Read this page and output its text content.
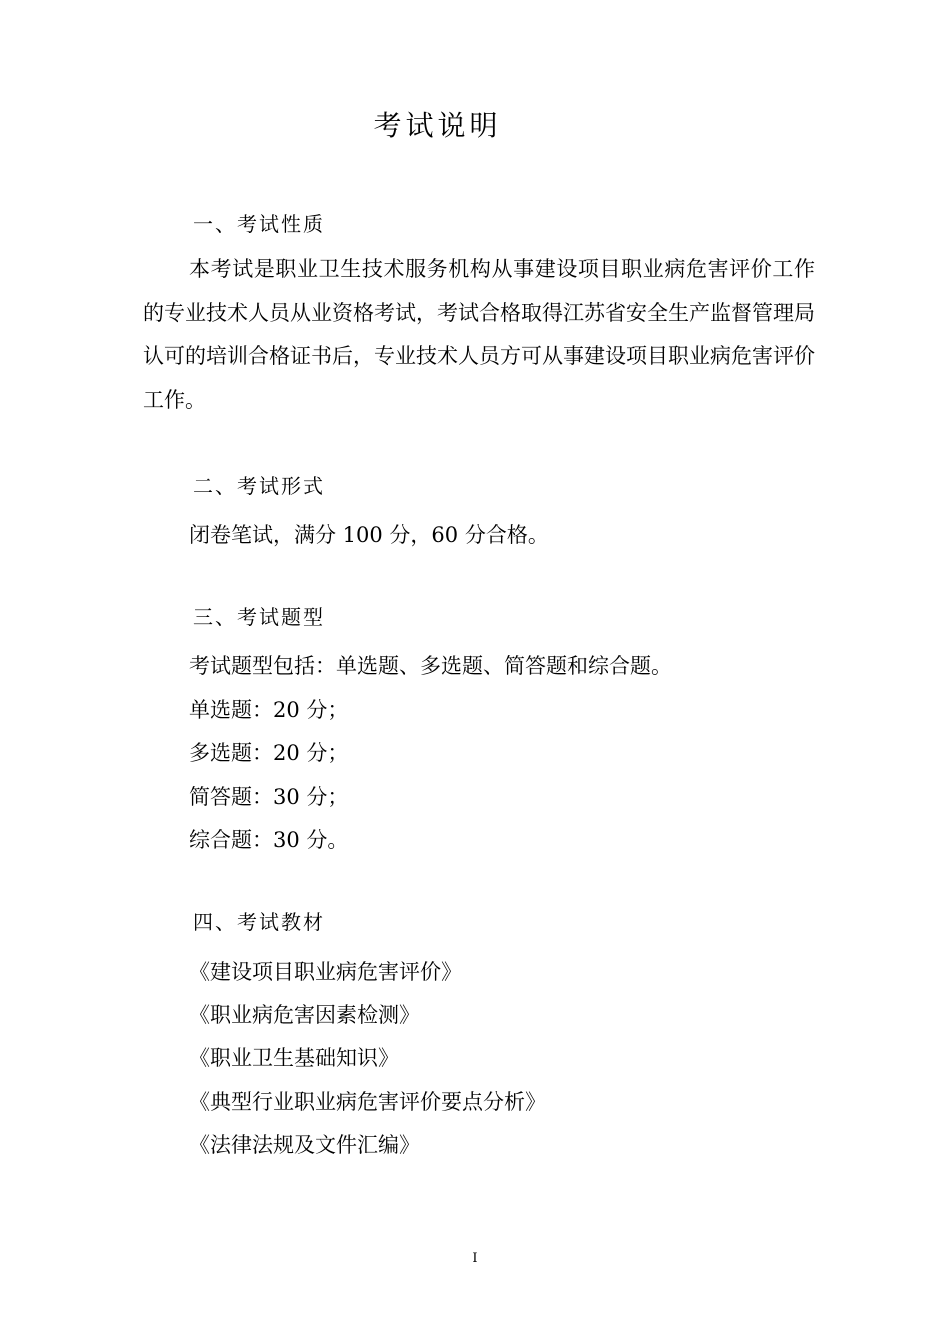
考试说明
一、考试性质
本考试是职业卫生技术服务机构从事建设项目职业病危害评价工作的专业技术人员从业资格考试，考试合格取得江苏省安全生产监督管理局认可的培训合格证书后，专业技术人员方可从事建设项目职业病危害评价工作。
二、考试形式
闭卷笔试，满分 100 分，60 分合格。
三、考试题型
考试题型包括：单选题、多选题、简答题和综合题。
单选题：20 分；
多选题：20 分；
简答题：30 分；
综合题：30 分。
四、考试教材
《建设项目职业病危害评价》
《职业病危害因素检测》
《职业卫生基础知识》
《典型行业职业病危害评价要点分析》
《法律法规及文件汇编》
I
